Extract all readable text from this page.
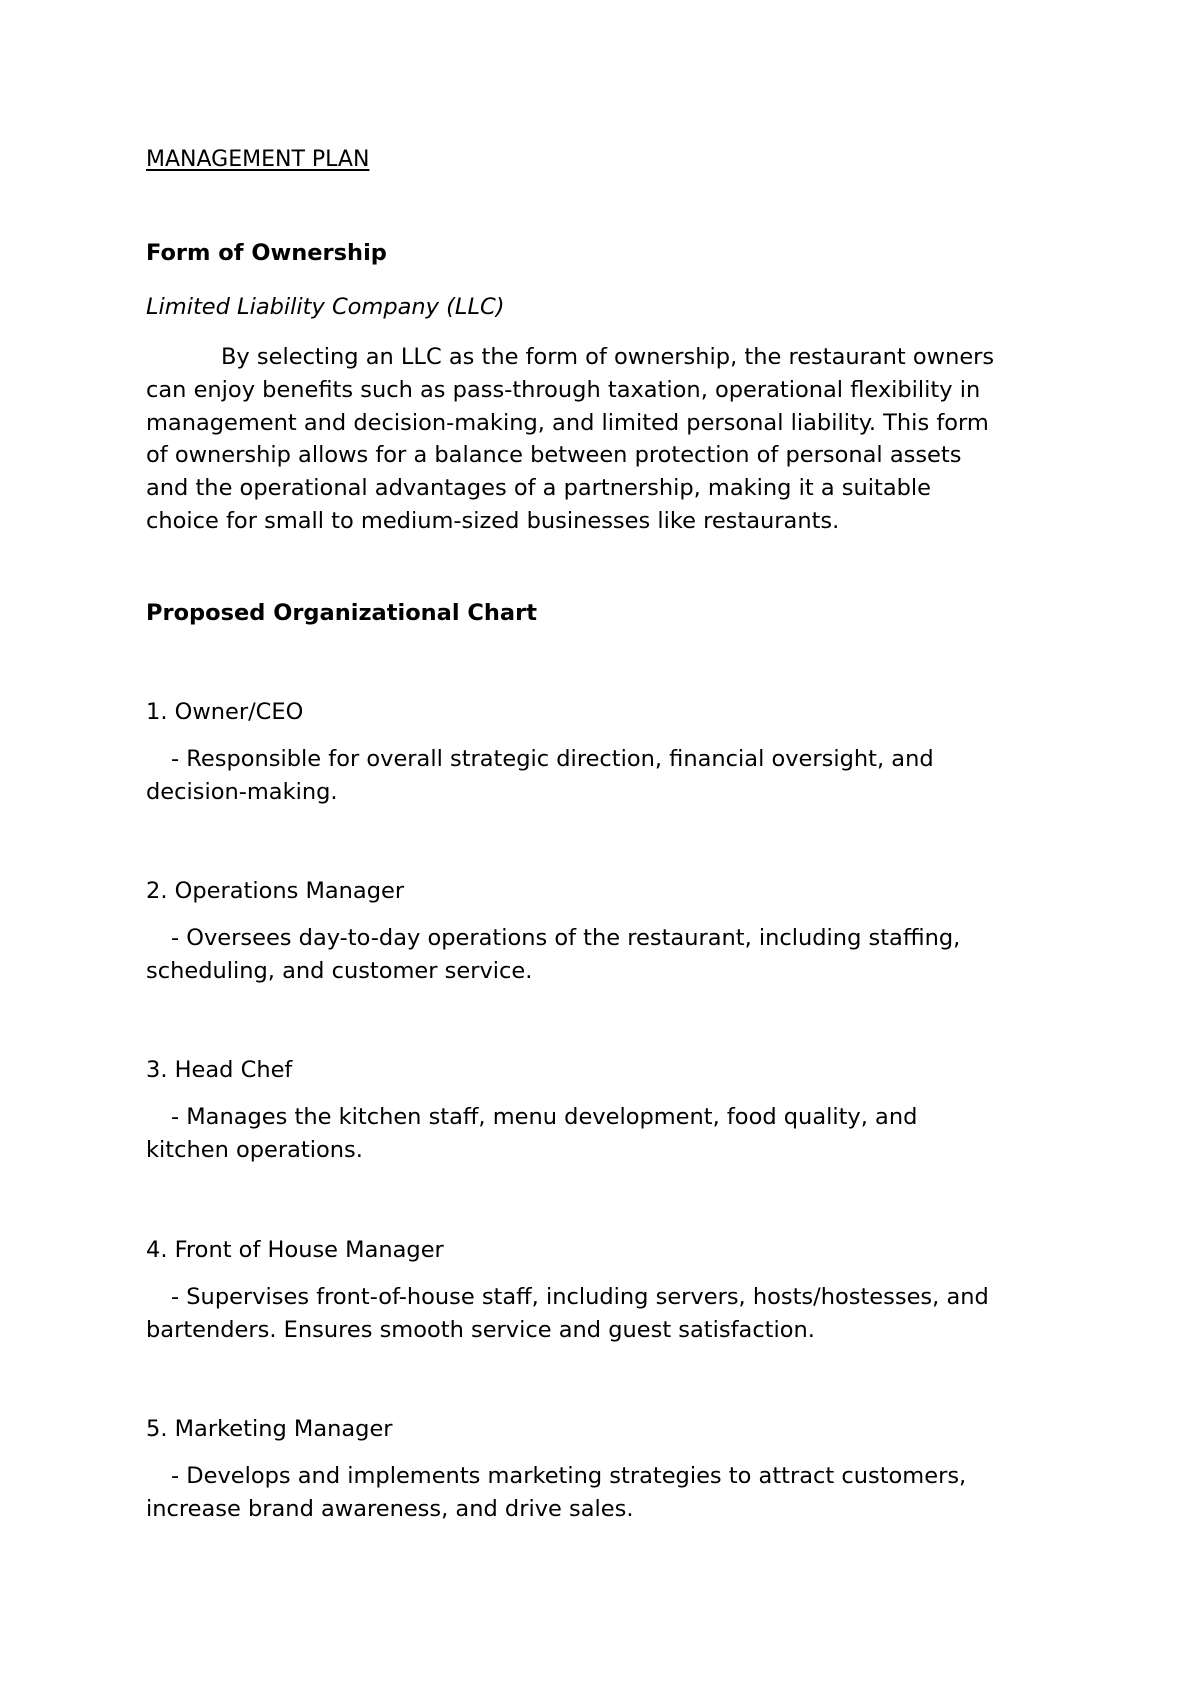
MANAGEMENT PLAN
Form of Ownership
Limited Liability Company (LLC)
By selecting an LLC as the form of ownership, the restaurant owners
can enjoy benefits such as pass-through taxation, operational flexibility in
management and decision-making, and limited personal liability. This form
of ownership allows for a balance between protection of personal assets
and the operational advantages of a partnership, making it a suitable
choice for small to medium-sized businesses like restaurants.
Proposed Organizational Chart
1. Owner/CEO
- Responsible for overall strategic direction, financial oversight, and
decision-making.
2. Operations Manager
- Oversees day-to-day operations of the restaurant, including staffing,
scheduling, and customer service.
3. Head Chef
- Manages the kitchen staff, menu development, food quality, and
kitchen operations.
4. Front of House Manager
- Supervises front-of-house staff, including servers, hosts/hostesses, and
bartenders. Ensures smooth service and guest satisfaction.
5. Marketing Manager
- Develops and implements marketing strategies to attract customers,
increase brand awareness, and drive sales.
